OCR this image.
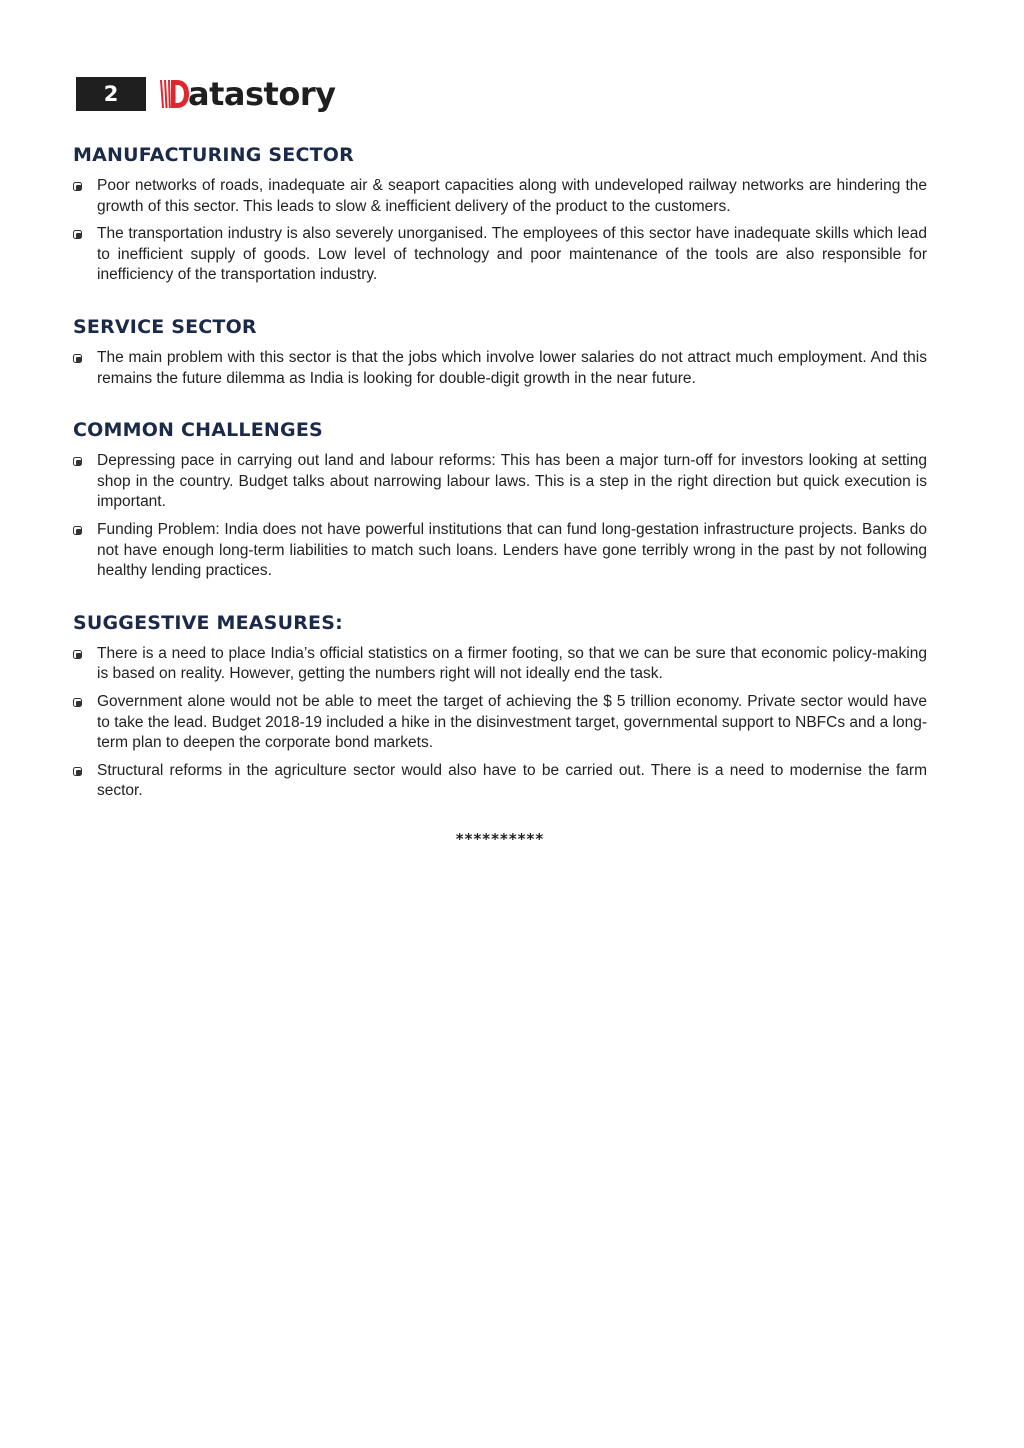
2 atastory
MANUFACTURING SECTOR
Poor networks of roads, inadequate air & seaport capacities along with undeveloped railway networks are hindering the growth of this sector. This leads to slow & inefficient delivery of the product to the customers.
The transportation industry is also severely unorganised. The employees of this sector have inadequate skills which lead to inefficient supply of goods. Low level of technology and poor maintenance of the tools are also responsible for inefficiency of the transportation industry.
SERVICE SECTOR
The main problem with this sector is that the jobs which involve lower salaries do not attract much employment. And this remains the future dilemma as India is looking for double-digit growth in the near future.
COMMON CHALLENGES
Depressing pace in carrying out land and labour reforms: This has been a major turn-off for investors looking at setting shop in the country. Budget talks about narrowing labour laws. This is a step in the right direction but quick execution is important.
Funding Problem: India does not have powerful institutions that can fund long-gestation infrastructure projects. Banks do not have enough long-term liabilities to match such loans. Lenders have gone terribly wrong in the past by not following healthy lending practices.
SUGGESTIVE MEASURES:
There is a need to place India’s official statistics on a firmer footing, so that we can be sure that economic policy-making is based on reality. However, getting the numbers right will not ideally end the task.
Government alone would not be able to meet the target of achieving the $ 5 trillion economy. Private sector would have to take the lead. Budget 2018-19 included a hike in the disinvestment target, governmental support to NBFCs and a long-term plan to deepen the corporate bond markets.
Structural reforms in the agriculture sector would also have to be carried out. There is a need to modernise the farm sector.
**********
